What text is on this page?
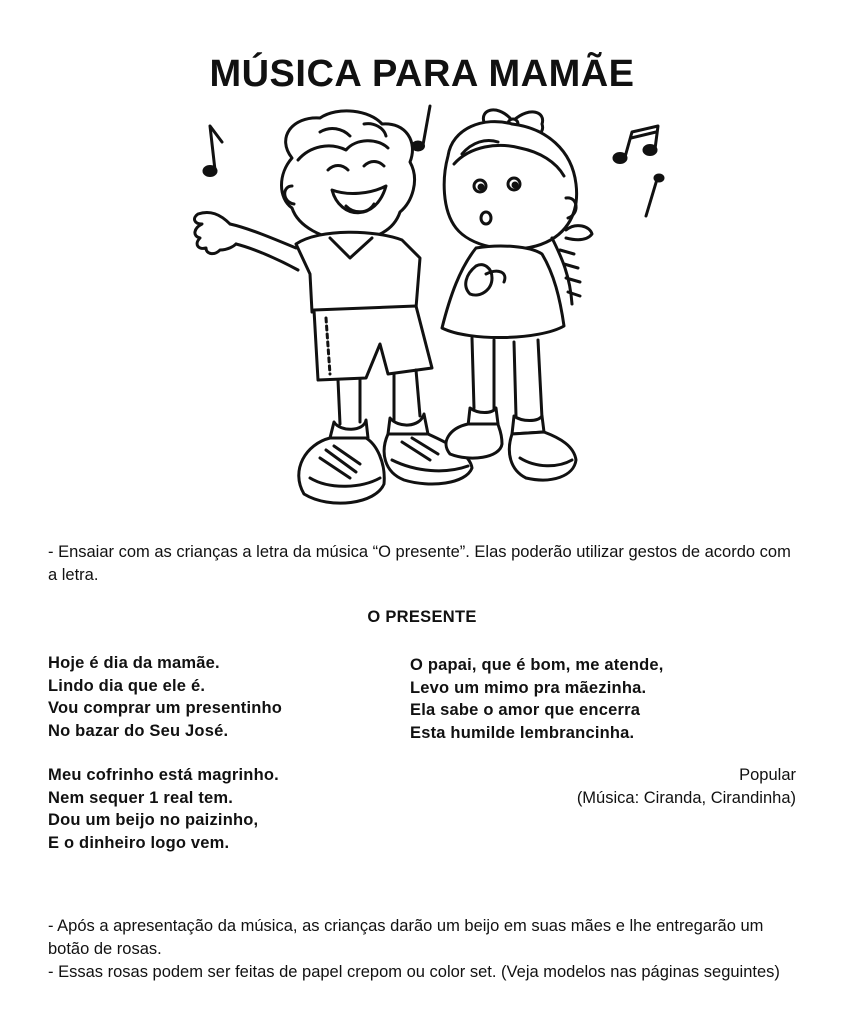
MÚSICA PARA MAMÃE

- Ensaiar com as crianças a letra da música “O presente”. Elas poderão utilizar gestos de acordo com a letra.

O PRESENTE
Hoje é dia da mamãe.
Lindo dia que ele é.
Vou comprar um presentinho
No bazar do Seu José.
Meu cofrinho está magrinho.
Nem sequer 1 real tem.
Dou um beijo no paizinho,
E o dinheiro logo vem.
O papai, que é bom, me atende,
Levo um mimo pra mãezinha.
Ela sabe o amor que encerra
Esta humilde lembrancinha.
Popular
(Música: Ciranda, Cirandinha)

- Após a apresentação da música, as crianças darão um beijo em suas mães e lhe entregarão um botão de rosas.

- Essas rosas podem ser feitas de papel crepom ou color set. (Veja modelos nas páginas seguintes)
